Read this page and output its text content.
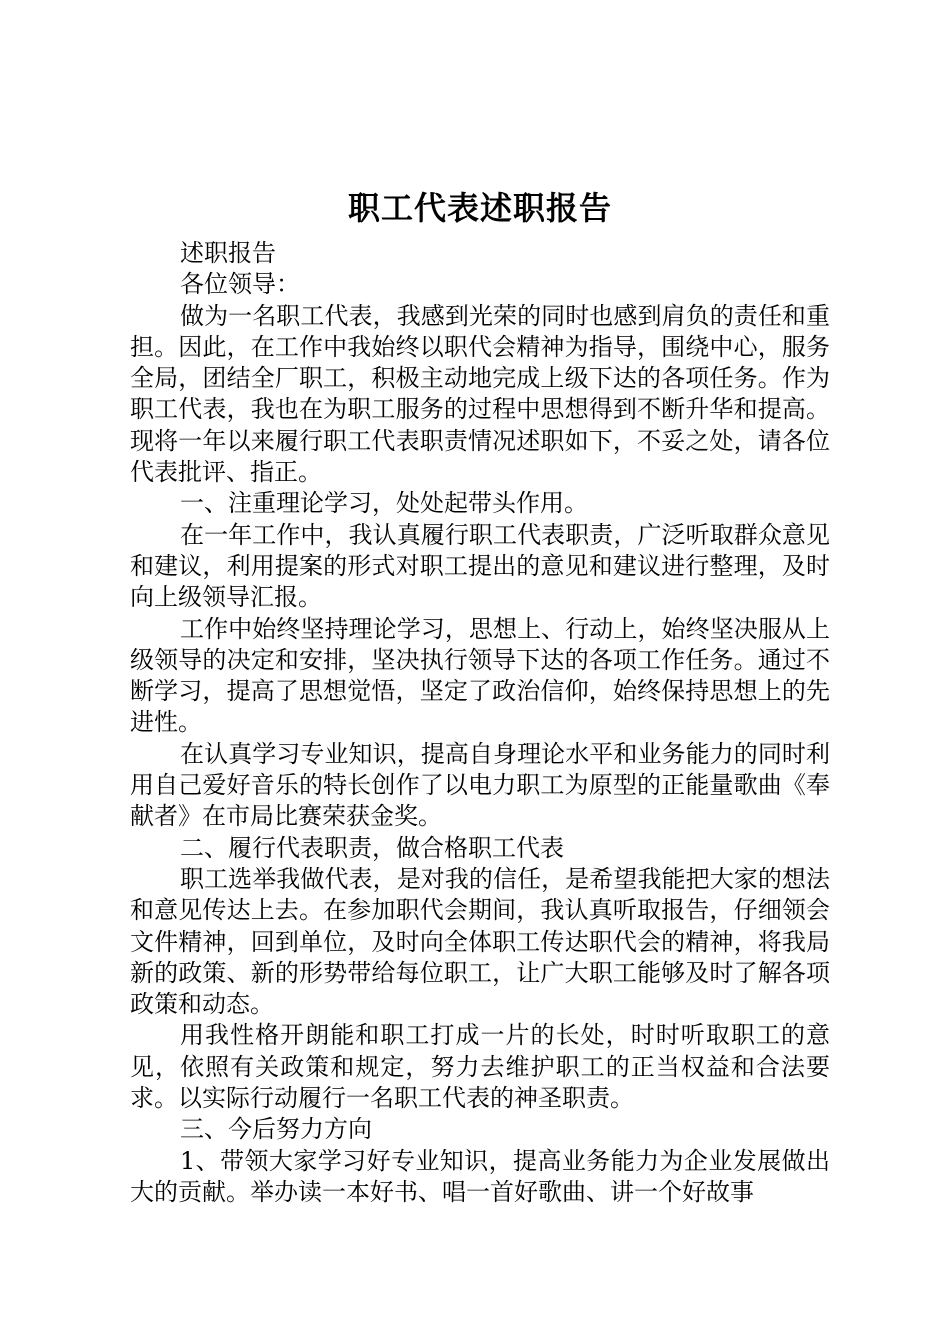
职工代表述职报告

述职报告

各位领导：

做为一名职工代表，我感到光荣的同时也感到肩负的责任和重担。因此，在工作中我始终以职代会精神为指导，围绕中心，服务全局，团结全厂职工，积极主动地完成上级下达的各项任务。作为职工代表，我也在为职工服务的过程中思想得到不断升华和提高。现将一年以来履行职工代表职责情况述职如下，不妥之处，请各位代表批评、指正。

一、注重理论学习，处处起带头作用。

在一年工作中，我认真履行职工代表职责，广泛听取群众意见和建议，利用提案的形式对职工提出的意见和建议进行整理，及时向上级领导汇报。

工作中始终坚持理论学习，思想上、行动上，始终坚决服从上级领导的决定和安排，坚决执行领导下达的各项工作任务。通过不断学习，提高了思想觉悟，坚定了政治信仰，始终保持思想上的先进性。

在认真学习专业知识，提高自身理论水平和业务能力的同时利用自己爱好音乐的特长创作了以电力职工为原型的正能量歌曲《奉献者》在市局比赛荣获金奖。

二、履行代表职责，做合格职工代表

职工选举我做代表，是对我的信任，是希望我能把大家的想法和意见传达上去。在参加职代会期间，我认真听取报告，仔细领会文件精神，回到单位，及时向全体职工传达职代会的精神，将我局新的政策、新的形势带给每位职工，让广大职工能够及时了解各项政策和动态。

用我性格开朗能和职工打成一片的长处，时时听取职工的意见，依照有关政策和规定，努力去维护职工的正当权益和合法要求。以实际行动履行一名职工代表的神圣职责。

三、今后努力方向

1、带领大家学习好专业知识，提高业务能力为企业发展做出大的贡献。举办读一本好书、唱一首好歌曲、讲一个好故事
